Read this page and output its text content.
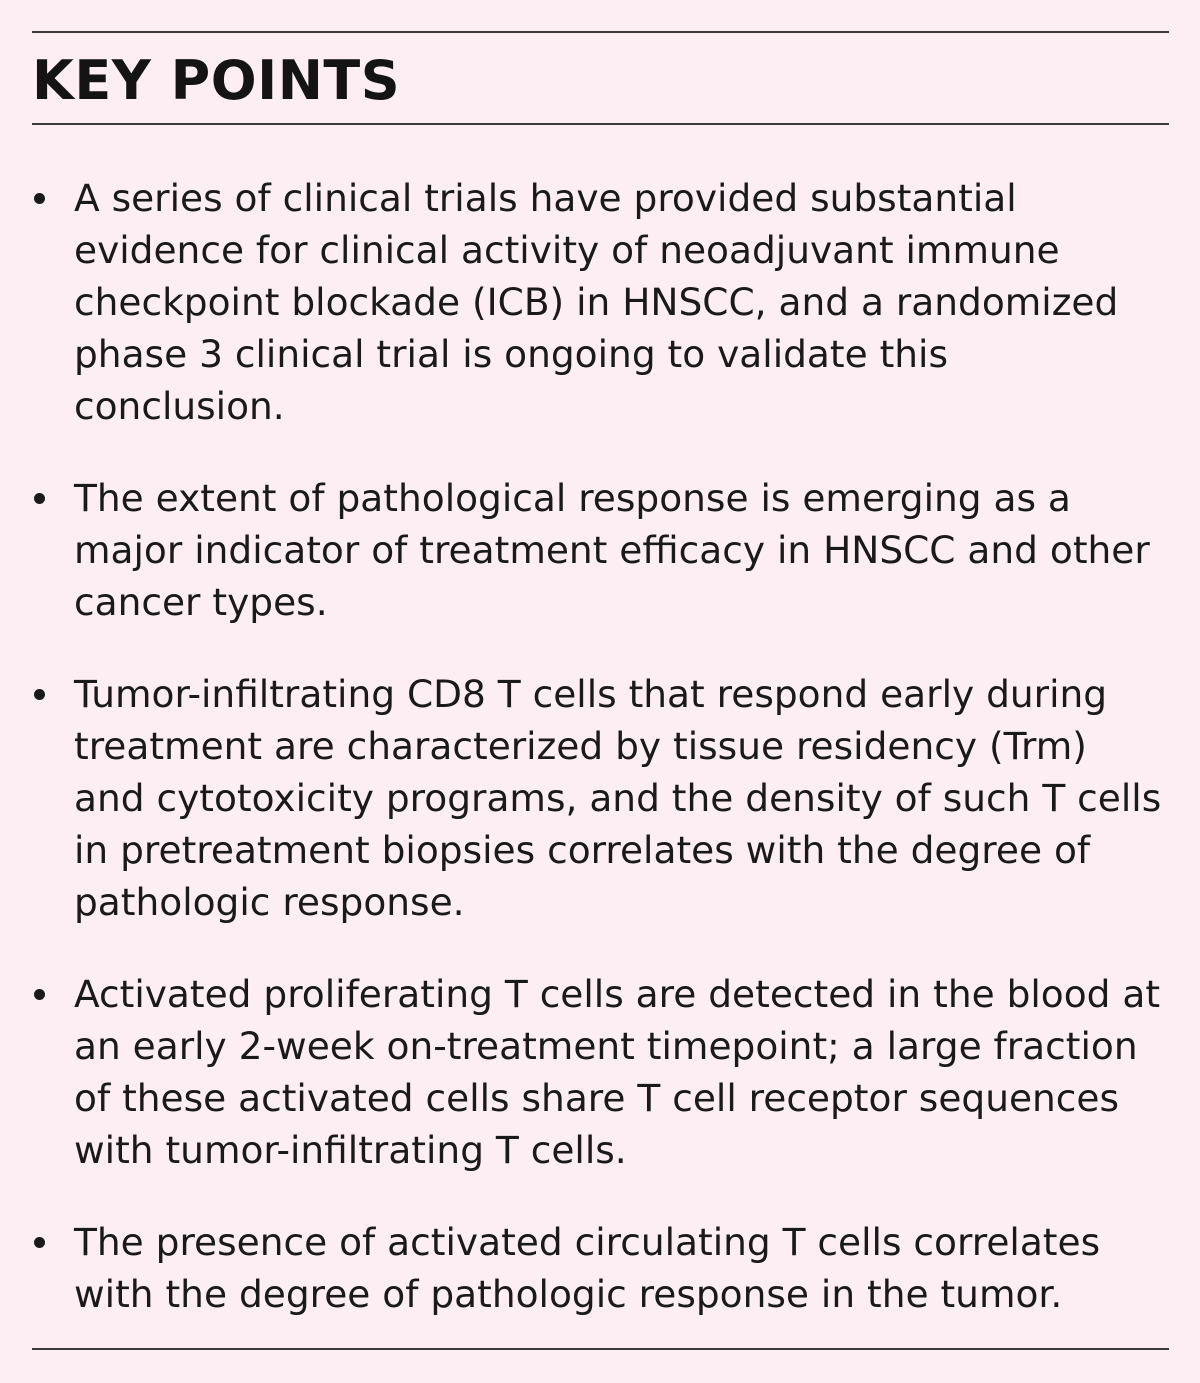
KEY POINTS
A series of clinical trials have provided substantial evidence for clinical activity of neoadjuvant immune checkpoint blockade (ICB) in HNSCC, and a randomized phase 3 clinical trial is ongoing to validate this conclusion.
The extent of pathological response is emerging as a major indicator of treatment efficacy in HNSCC and other cancer types.
Tumor-infiltrating CD8 T cells that respond early during treatment are characterized by tissue residency (Trm) and cytotoxicity programs, and the density of such T cells in pretreatment biopsies correlates with the degree of pathologic response.
Activated proliferating T cells are detected in the blood at an early 2-week on-treatment timepoint; a large fraction of these activated cells share T cell receptor sequences with tumor-infiltrating T cells.
The presence of activated circulating T cells correlates with the degree of pathologic response in the tumor.
